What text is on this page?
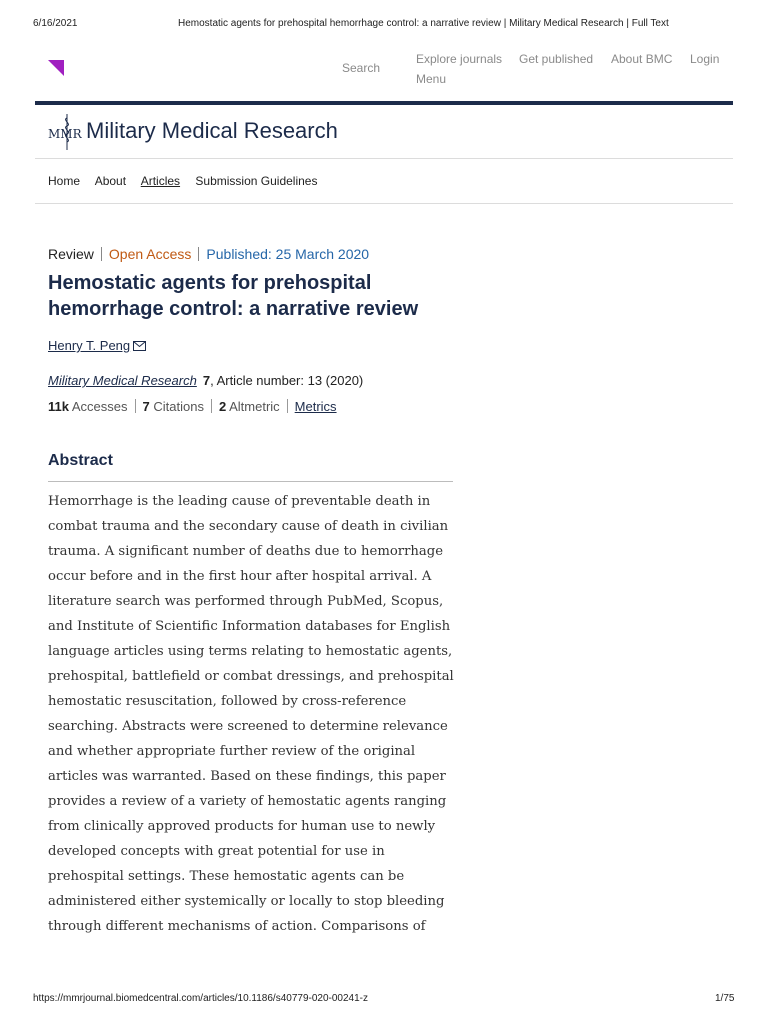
6/16/2021	Hemostatic agents for prehospital hemorrhage control: a narrative review | Military Medical Research | Full Text
Search
Explore journals Get published About BMC Login
Menu
MMR Military Medical Research
Home About Articles Submission Guidelines
Review Open Access Published: 25 March 2020
Hemostatic agents for prehospital hemorrhage control: a narrative review
Henry T. Peng
Military Medical Research 7, Article number: 13 (2020)
11k Accesses 7 Citations 2 Altmetric Metrics
Abstract

Hemorrhage is the leading cause of preventable death in combat trauma and the secondary cause of death in civilian trauma. A significant number of deaths due to hemorrhage occur before and in the first hour after hospital arrival. A literature search was performed through PubMed, Scopus, and Institute of Scientific Information databases for English language articles using terms relating to hemostatic agents, prehospital, battlefield or combat dressings, and prehospital hemostatic resuscitation, followed by cross-reference searching. Abstracts were screened to determine relevance and whether appropriate further review of the original articles was warranted. Based on these findings, this paper provides a review of a variety of hemostatic agents ranging from clinically approved products for human use to newly developed concepts with great potential for use in prehospital settings. These hemostatic agents can be administered either systemically or locally to stop bleeding through different mechanisms of action. Comparisons of

https://mmrjournal.biomedcentral.com/articles/10.1186/s40779-020-00241-z	1/75
